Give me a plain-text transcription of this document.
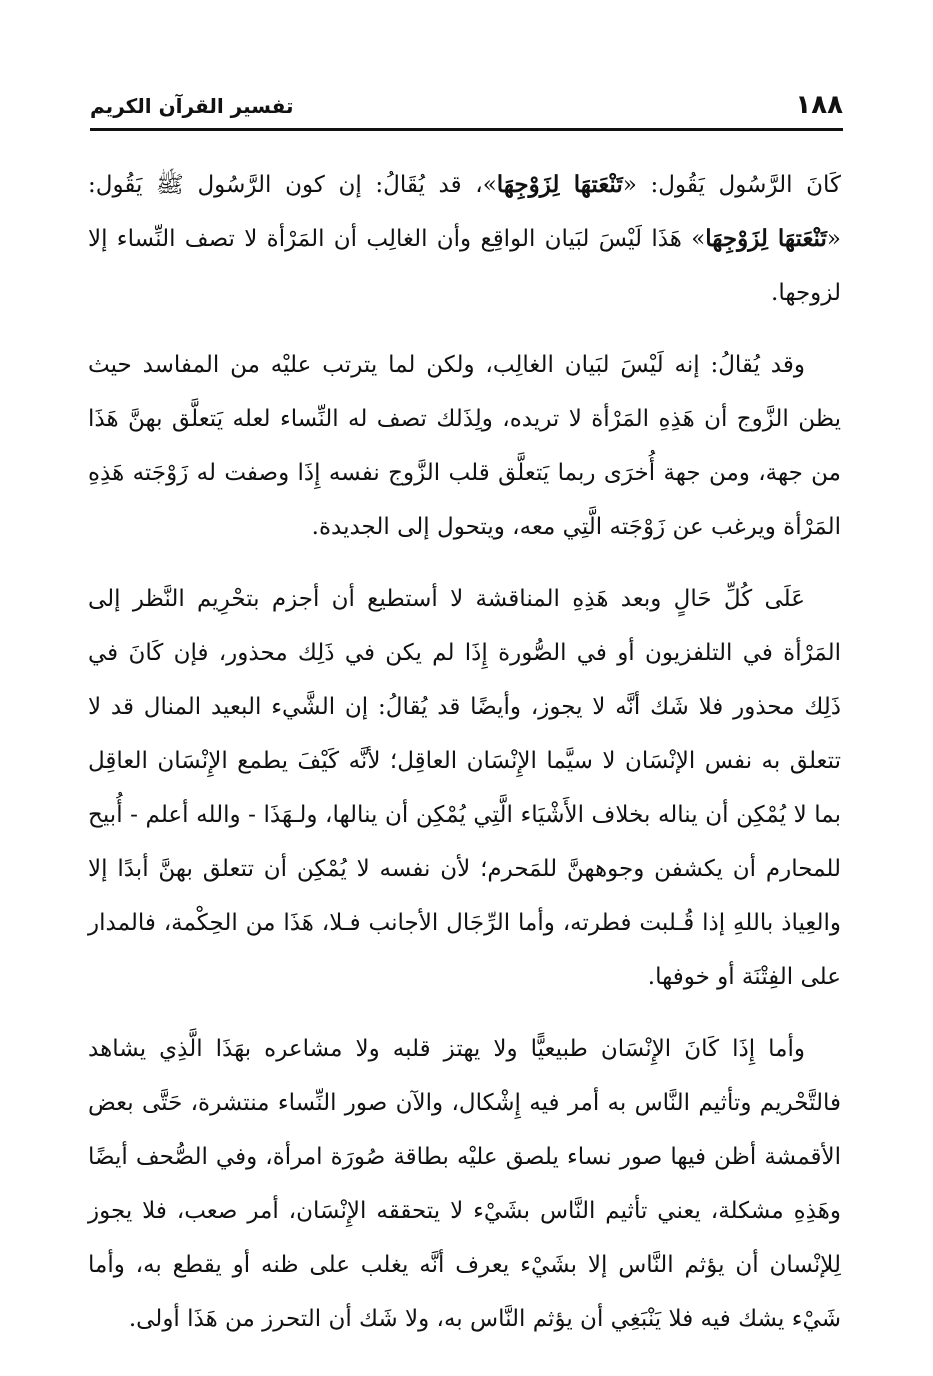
١٨٨
تفسير القرآن الكريم

كَانَ الرَّسُول يَقُول: «تَنْعَتهَا لِزَوْجِهَا»، قد يُقَالُ: إن كون الرَّسُول ﷺ يَقُول: «تَنْعَتهَا لِزَوْجِهَا» هَذَا لَيْسَ لبَيان الواقِع وأن الغالِب أن المَرْأة لا تصف النِّساء إلا لزوجها.

وقد يُقالُ: إنه لَيْسَ لبَيان الغالِب، ولكن لما يترتب عليْه من المفاسد حيث يظن الزَّوج أن هَذِهِ المَرْأة لا تريده، ولِذَلك تصف له النِّساء لعله يَتعلَّق بهنَّ هَذَا من جهة، ومن جهة أُخرَى ربما يَتعلَّق قلب الزَّوج نفسه إِذَا وصفت له زَوْجَته هَذِهِ المَرْأة ويرغب عن زَوْجَته الَّتِي معه، ويتحول إلى الجديدة.

عَلَى كُلِّ حَالٍ وبعد هَذِهِ المناقشة لا أستطيع أن أجزم بتحْرِيم النَّظر إلى المَرْأة في التلفزيون أو في الصُّورة إِذَا لم يكن في ذَلِك محذور، فإن كَانَ في ذَلِك محذور فلا شَك أنَّه لا يجوز، وأيضًا قد يُقالُ: إن الشَّيء البعيد المنال قد لا تتعلق به نفس الإنْسَان لا سيَّما الإِنْسَان العاقِل؛ لأنَّه كَيْفَ يطمع الإِنْسَان العاقِل بما لا يُمْكِن أن يناله بخلاف الأَشْيَاء الَّتِي يُمْكِن أن ينالها، ولـهَذَا - والله أعلم - أُبيح للمحارم أن يكشفن وجوههنَّ للمَحرم؛ لأن نفسه لا يُمْكِن أن تتعلق بهنَّ أبدًا إلا والعِياذ باللهِ إذا قُـلبت فطرته، وأما الرِّجَال الأجانب فـلا، هَذَا من الحِكْمة، فالمدار على الفِتْنَة أو خوفها.

وأما إِذَا كَانَ الإِنْسَان طبيعيًّا ولا يهتز قلبه ولا مشاعره بهَذَا الَّذِي يشاهد فالتَّحْريم وتأثيم النَّاس به أمر فيه إِشْكال، والآن صور النِّساء منتشرة، حَتَّى بعض الأقمشة أظن فيها صور نساء يلصق عليْه بطاقة صُورَة امرأة، وفي الصُّحف أيضًا وهَذِهِ مشكلة، يعني تأثيم النَّاس بشَيْء لا يتحققه الإِنْسَان، أمر صعب، فلا يجوز لِلإنْسان أن يؤثم النَّاس إلا بشَيْء يعرف أنَّه يغلب على ظنه أو يقطع به، وأما شَيْء يشك فيه فلا يَنْبَغِي أن يؤثم النَّاس به، ولا شَك أن التحرز من هَذَا أولى.
